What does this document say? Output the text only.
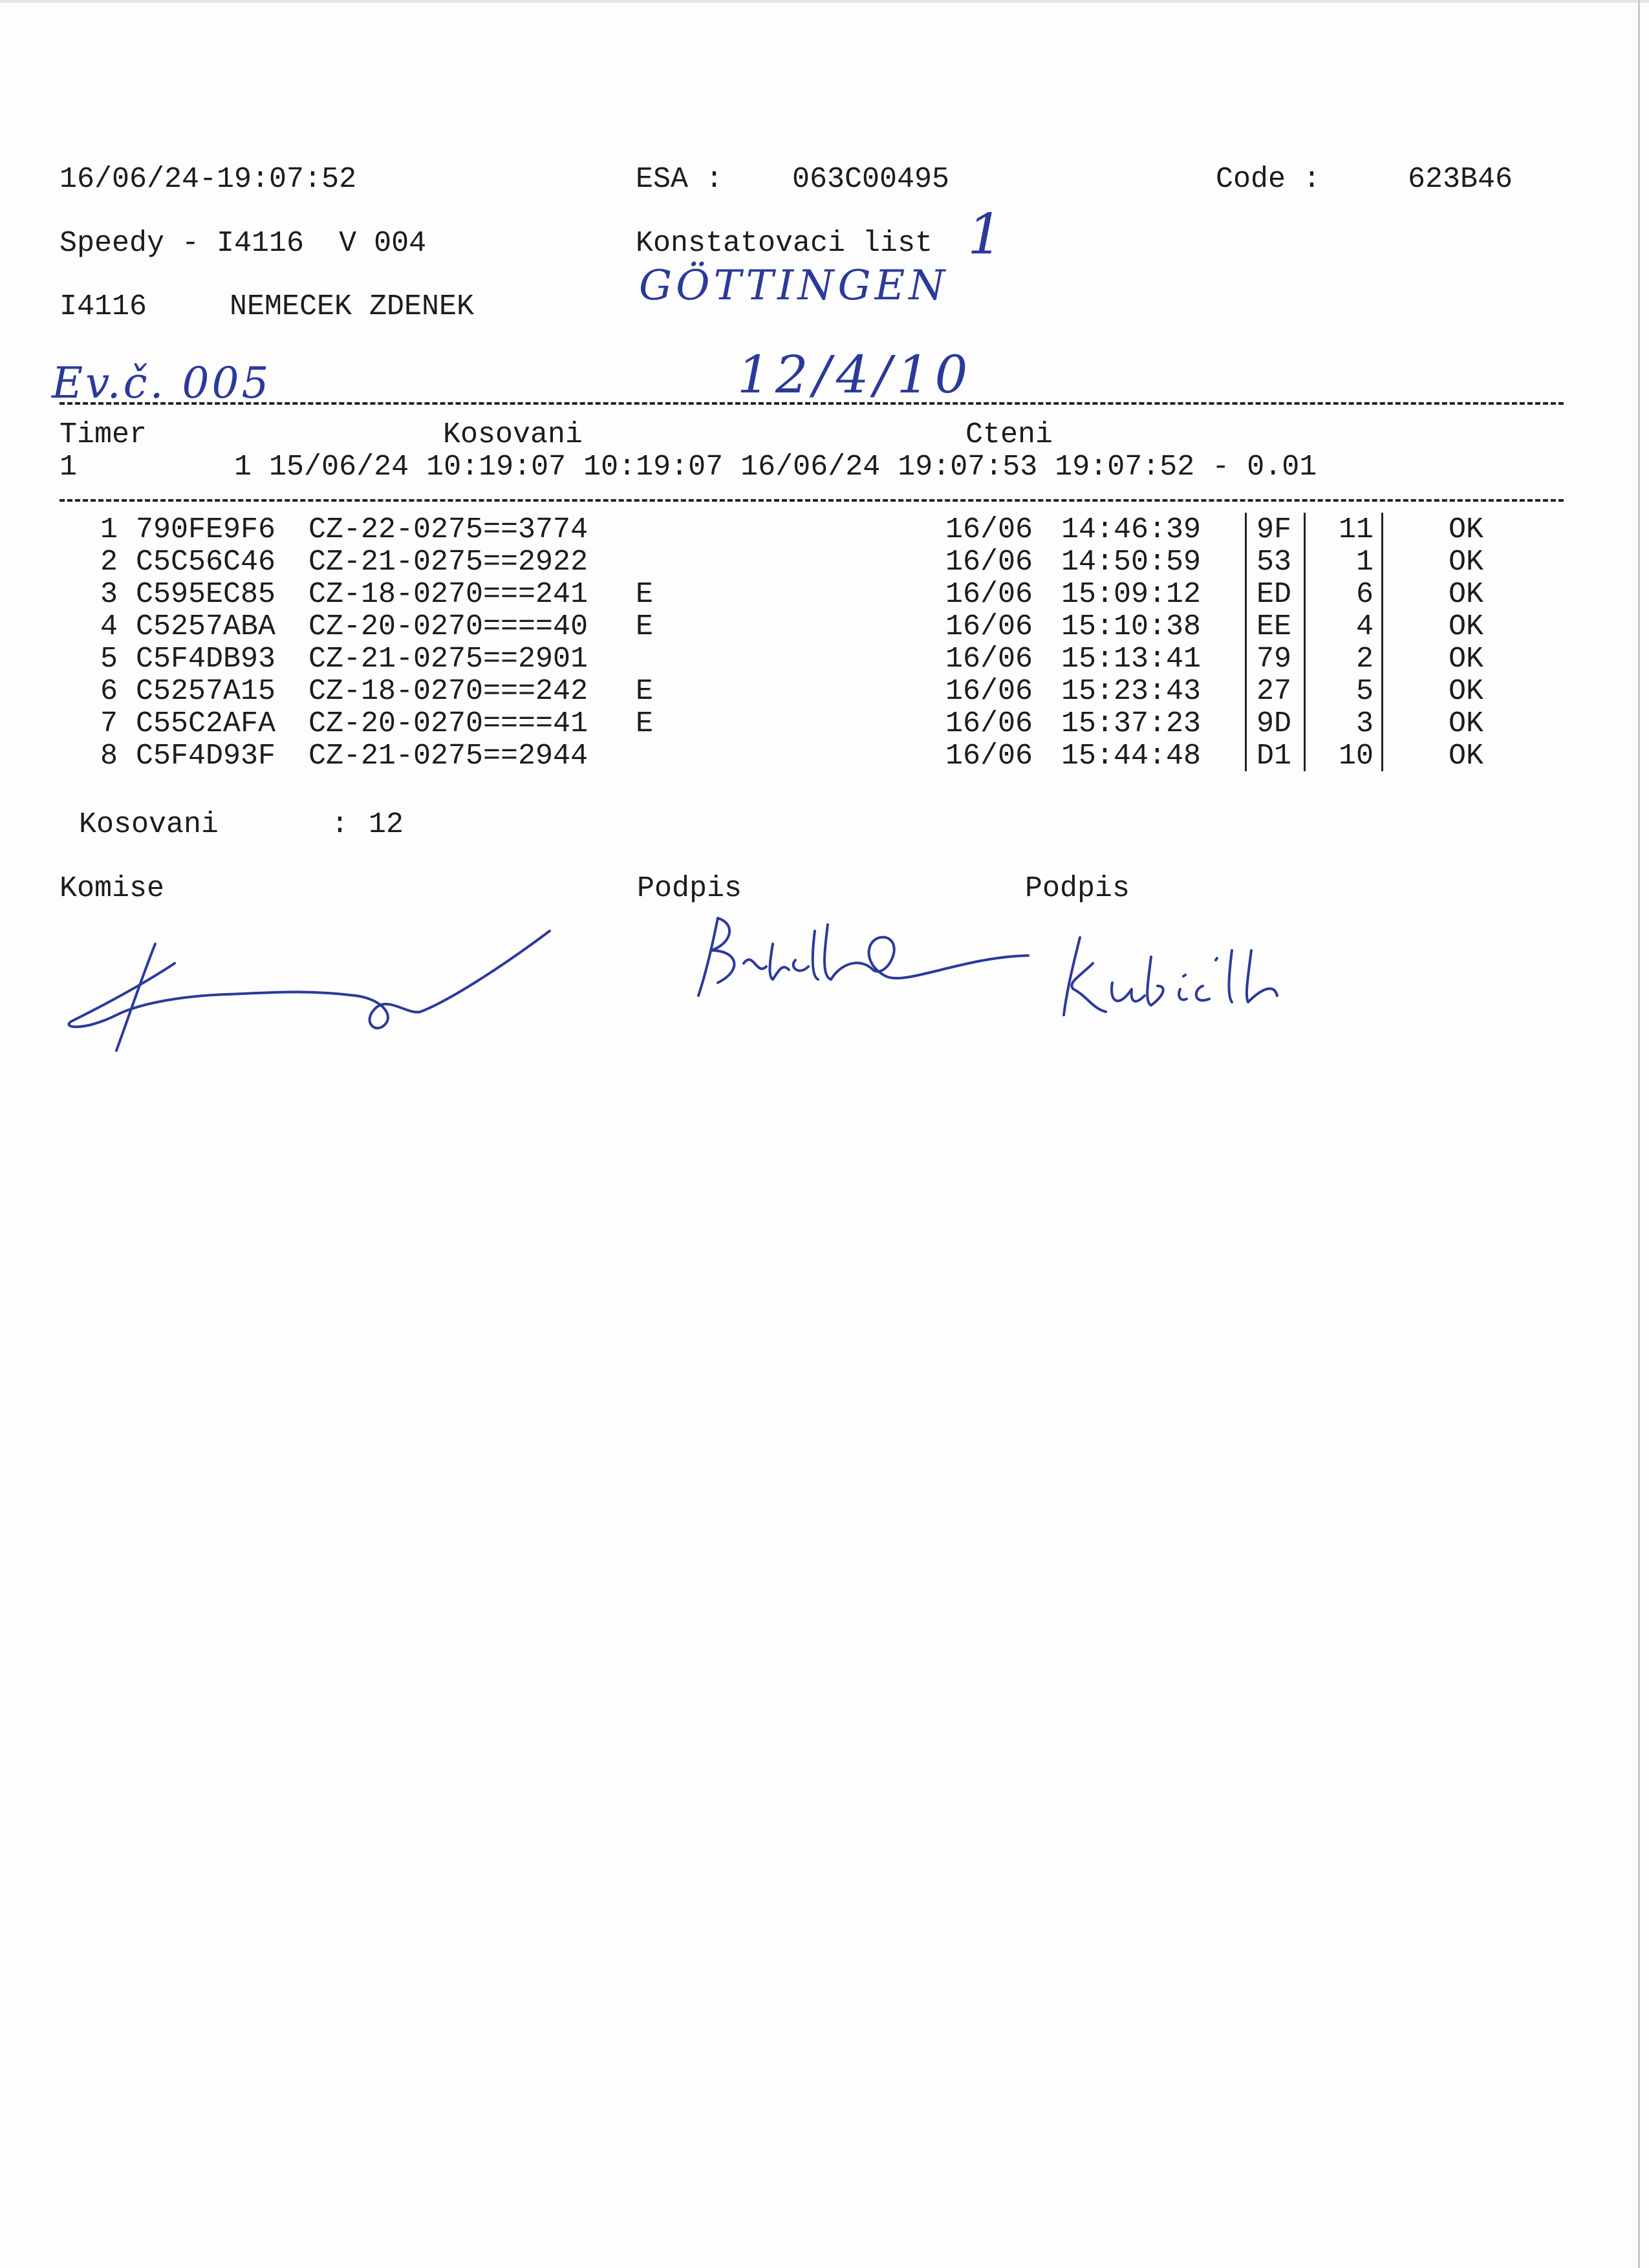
16/06/24-19:07:52	ESA : 063C00495	Code :	623B46
Speedy - I4116  V 004	Konstatovaci list
I4116	NEMECEK ZDENEK
1
GÖTTINGEN
Ev.č. 005	12/4/10
Timer	Kosovani	Cteni
1         1 15/06/24 10:19:07 10:19:07 16/06/24 19:07:53 19:07:52 - 0.01
1 790FE9F6 CZ-22-0275==3774	16/06 14:46:39 9F 11	OK
2 C5C56C46 CZ-21-0275==2922	16/06 14:50:59 53	1	OK
3 C595EC85 CZ-18-0270===241 E	16/06 15:09:12 ED	6	OK
4 C5257ABA CZ-20-0270====40 E	16/06 15:10:38 EE	4	OK
5 C5F4DB93 CZ-21-0275==2901	16/06 15:13:41 79	2	OK
6 C5257A15 CZ-18-0270===242 E	16/06 15:23:43 27	5	OK
7 C55C2AFA CZ-20-0270====41 E	16/06 15:37:23 9D	3	OK
8 C5F4D93F CZ-21-0275==2944	16/06 15:44:48 D1 10	OK
Kosovani	: 12
Komise	Podpis	Podpis
